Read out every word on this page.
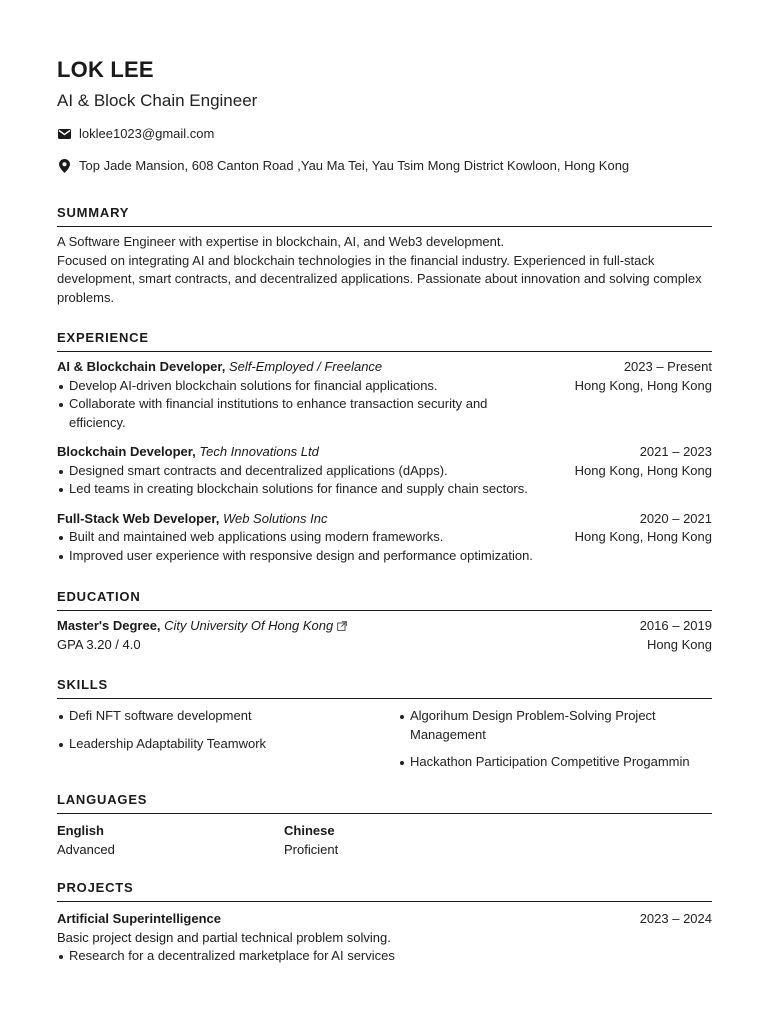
LOK LEE
AI & Block Chain Engineer
loklee1023@gmail.com
Top Jade Mansion, 608 Canton Road ,Yau Ma Tei, Yau Tsim Mong District Kowloon, Hong Kong
SUMMARY
A Software Engineer with expertise in blockchain, AI, and Web3 development.
Focused on integrating AI and blockchain technologies in the financial industry. Experienced in full-stack development, smart contracts, and decentralized applications. Passionate about innovation and solving complex problems.
EXPERIENCE
AI & Blockchain Developer, Self-Employed / Freelance	2023 – Present
Develop AI-driven blockchain solutions for financial applications.
Collaborate with financial institutions to enhance transaction security and efficiency.
Hong Kong, Hong Kong
Blockchain Developer, Tech Innovations Ltd	2021 – 2023
Designed smart contracts and decentralized applications (dApps).
Led teams in creating blockchain solutions for finance and supply chain sectors.
Hong Kong, Hong Kong
Full-Stack Web Developer, Web Solutions Inc	2020 – 2021
Built and maintained web applications using modern frameworks.
Improved user experience with responsive design and performance optimization.
Hong Kong, Hong Kong
EDUCATION
Master's Degree, City University Of Hong Kong	2016 – 2019
GPA 3.20 / 4.0	Hong Kong
SKILLS
Defi NFT software development
Leadership Adaptability Teamwork
Algorihum Design Problem-Solving Project Management
Hackathon Participation Competitive Progammin
LANGUAGES
English
Advanced
Chinese
Proficient
PROJECTS
Artificial Superintelligence	2023 – 2024
Basic project design and partial technical problem solving.
Research for a decentralized marketplace for AI services
